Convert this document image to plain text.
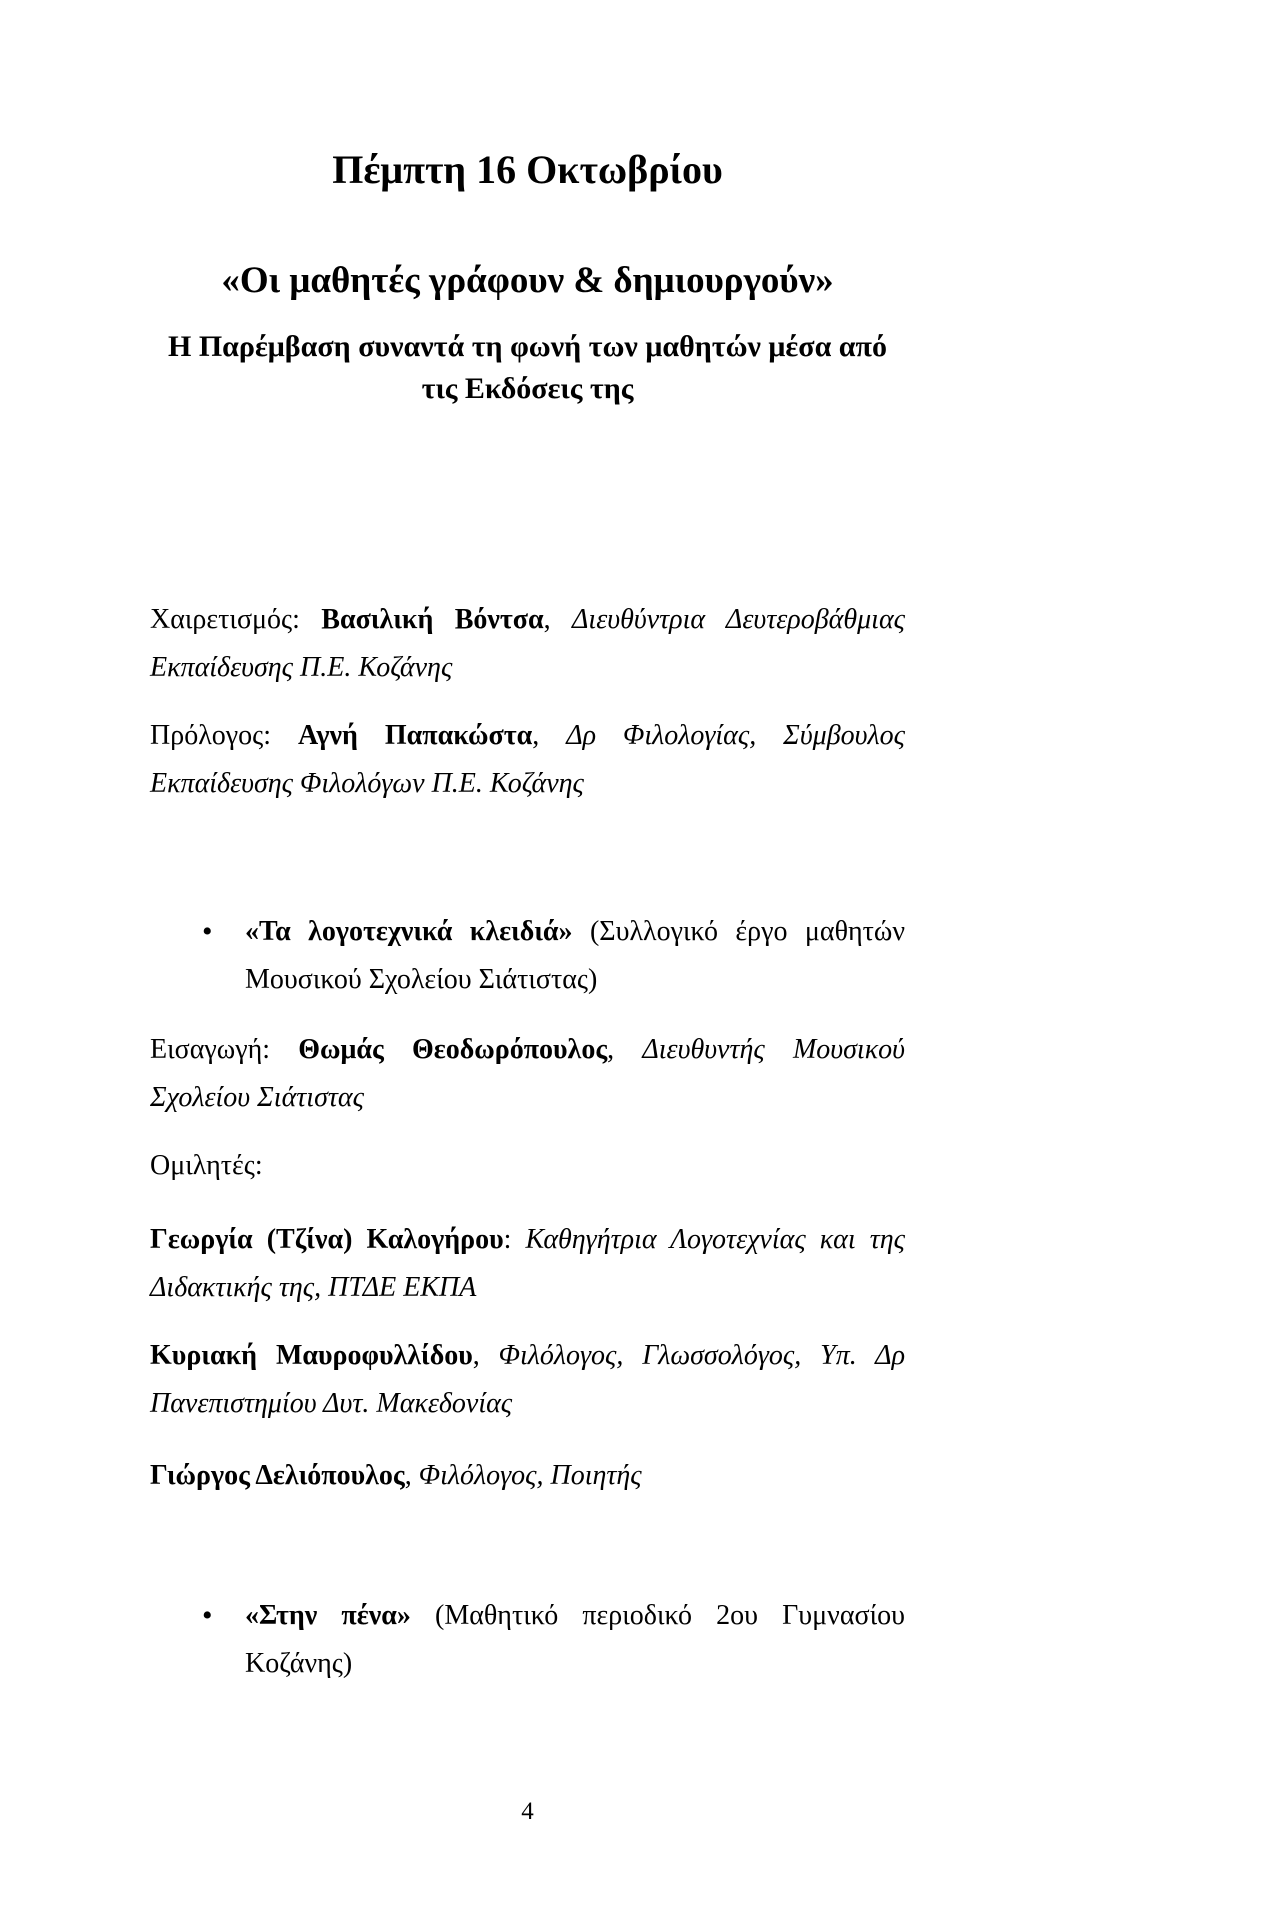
Πέμπτη 16 Οκτωβρίου
«Οι μαθητές γράφουν & δημιουργούν»
Η Παρέμβαση συναντά τη φωνή των μαθητών μέσα από τις Εκδόσεις της

Χαιρετισμός: Βασιλική Βόντσα, Διευθύντρια Δευτεροβάθμιας Εκπαίδευσης Π.Ε. Κοζάνης

Πρόλογος: Αγνή Παπακώστα, Δρ Φιλολογίας, Σύμβουλος Εκπαίδευσης Φιλολόγων Π.Ε. Κοζάνης

• «Τα λογοτεχνικά κλειδιά» (Συλλογικό έργο μαθητών Μουσικού Σχολείου Σιάτιστας)

Εισαγωγή: Θωμάς Θεοδωρόπουλος, Διευθυντής Μουσικού Σχολείου Σιάτιστας

Ομιλητές:

Γεωργία (Τζίνα) Καλογήρου: Καθηγήτρια Λογοτεχνίας και της Διδακτικής της, ΠΤΔΕ ΕΚΠΑ

Κυριακή Μαυροφυλλίδου, Φιλόλογος, Γλωσσολόγος, Υπ. Δρ Πανεπιστημίου Δυτ. Μακεδονίας

Γιώργος Δελιόπουλος, Φιλόλογος, Ποιητής

• «Στην πένα» (Μαθητικό περιοδικό 2ου Γυμνασίου Κοζάνης)
4
